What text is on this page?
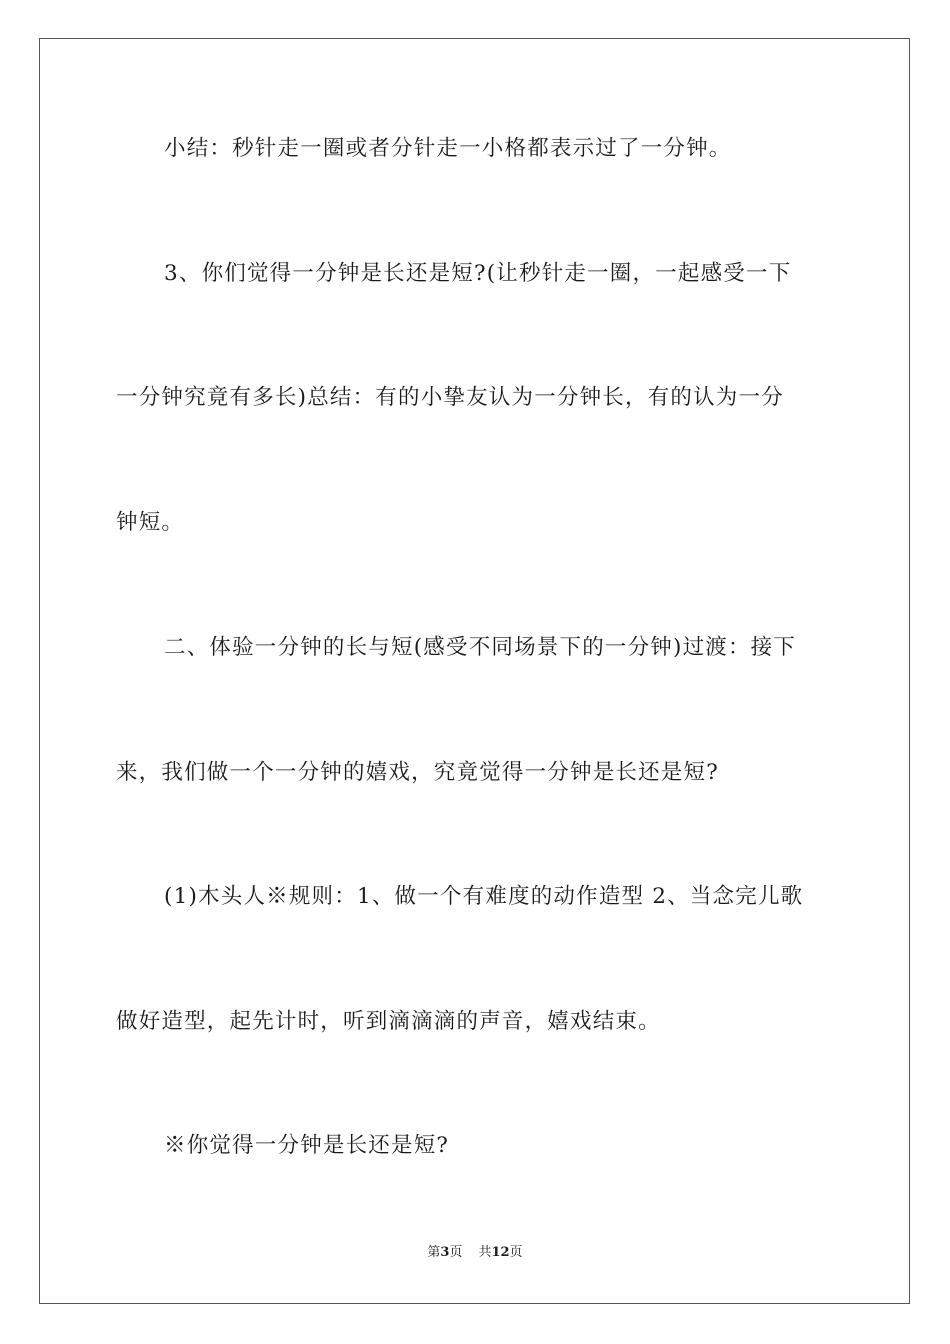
小结：秒针走一圈或者分针走一小格都表示过了一分钟。
3、你们觉得一分钟是长还是短?(让秒针走一圈，一起感受一下
一分钟究竟有多长)总结：有的小挚友认为一分钟长，有的认为一分
钟短。
二、体验一分钟的长与短(感受不同场景下的一分钟)过渡：接下
来，我们做一个一分钟的嬉戏，究竟觉得一分钟是长还是短?
(1)木头人※规则：1、做一个有难度的动作造型 2、当念完儿歌
做好造型，起先计时，听到滴滴滴的声音，嬉戏结束。
※你觉得一分钟是长还是短?
第3页 共12页
